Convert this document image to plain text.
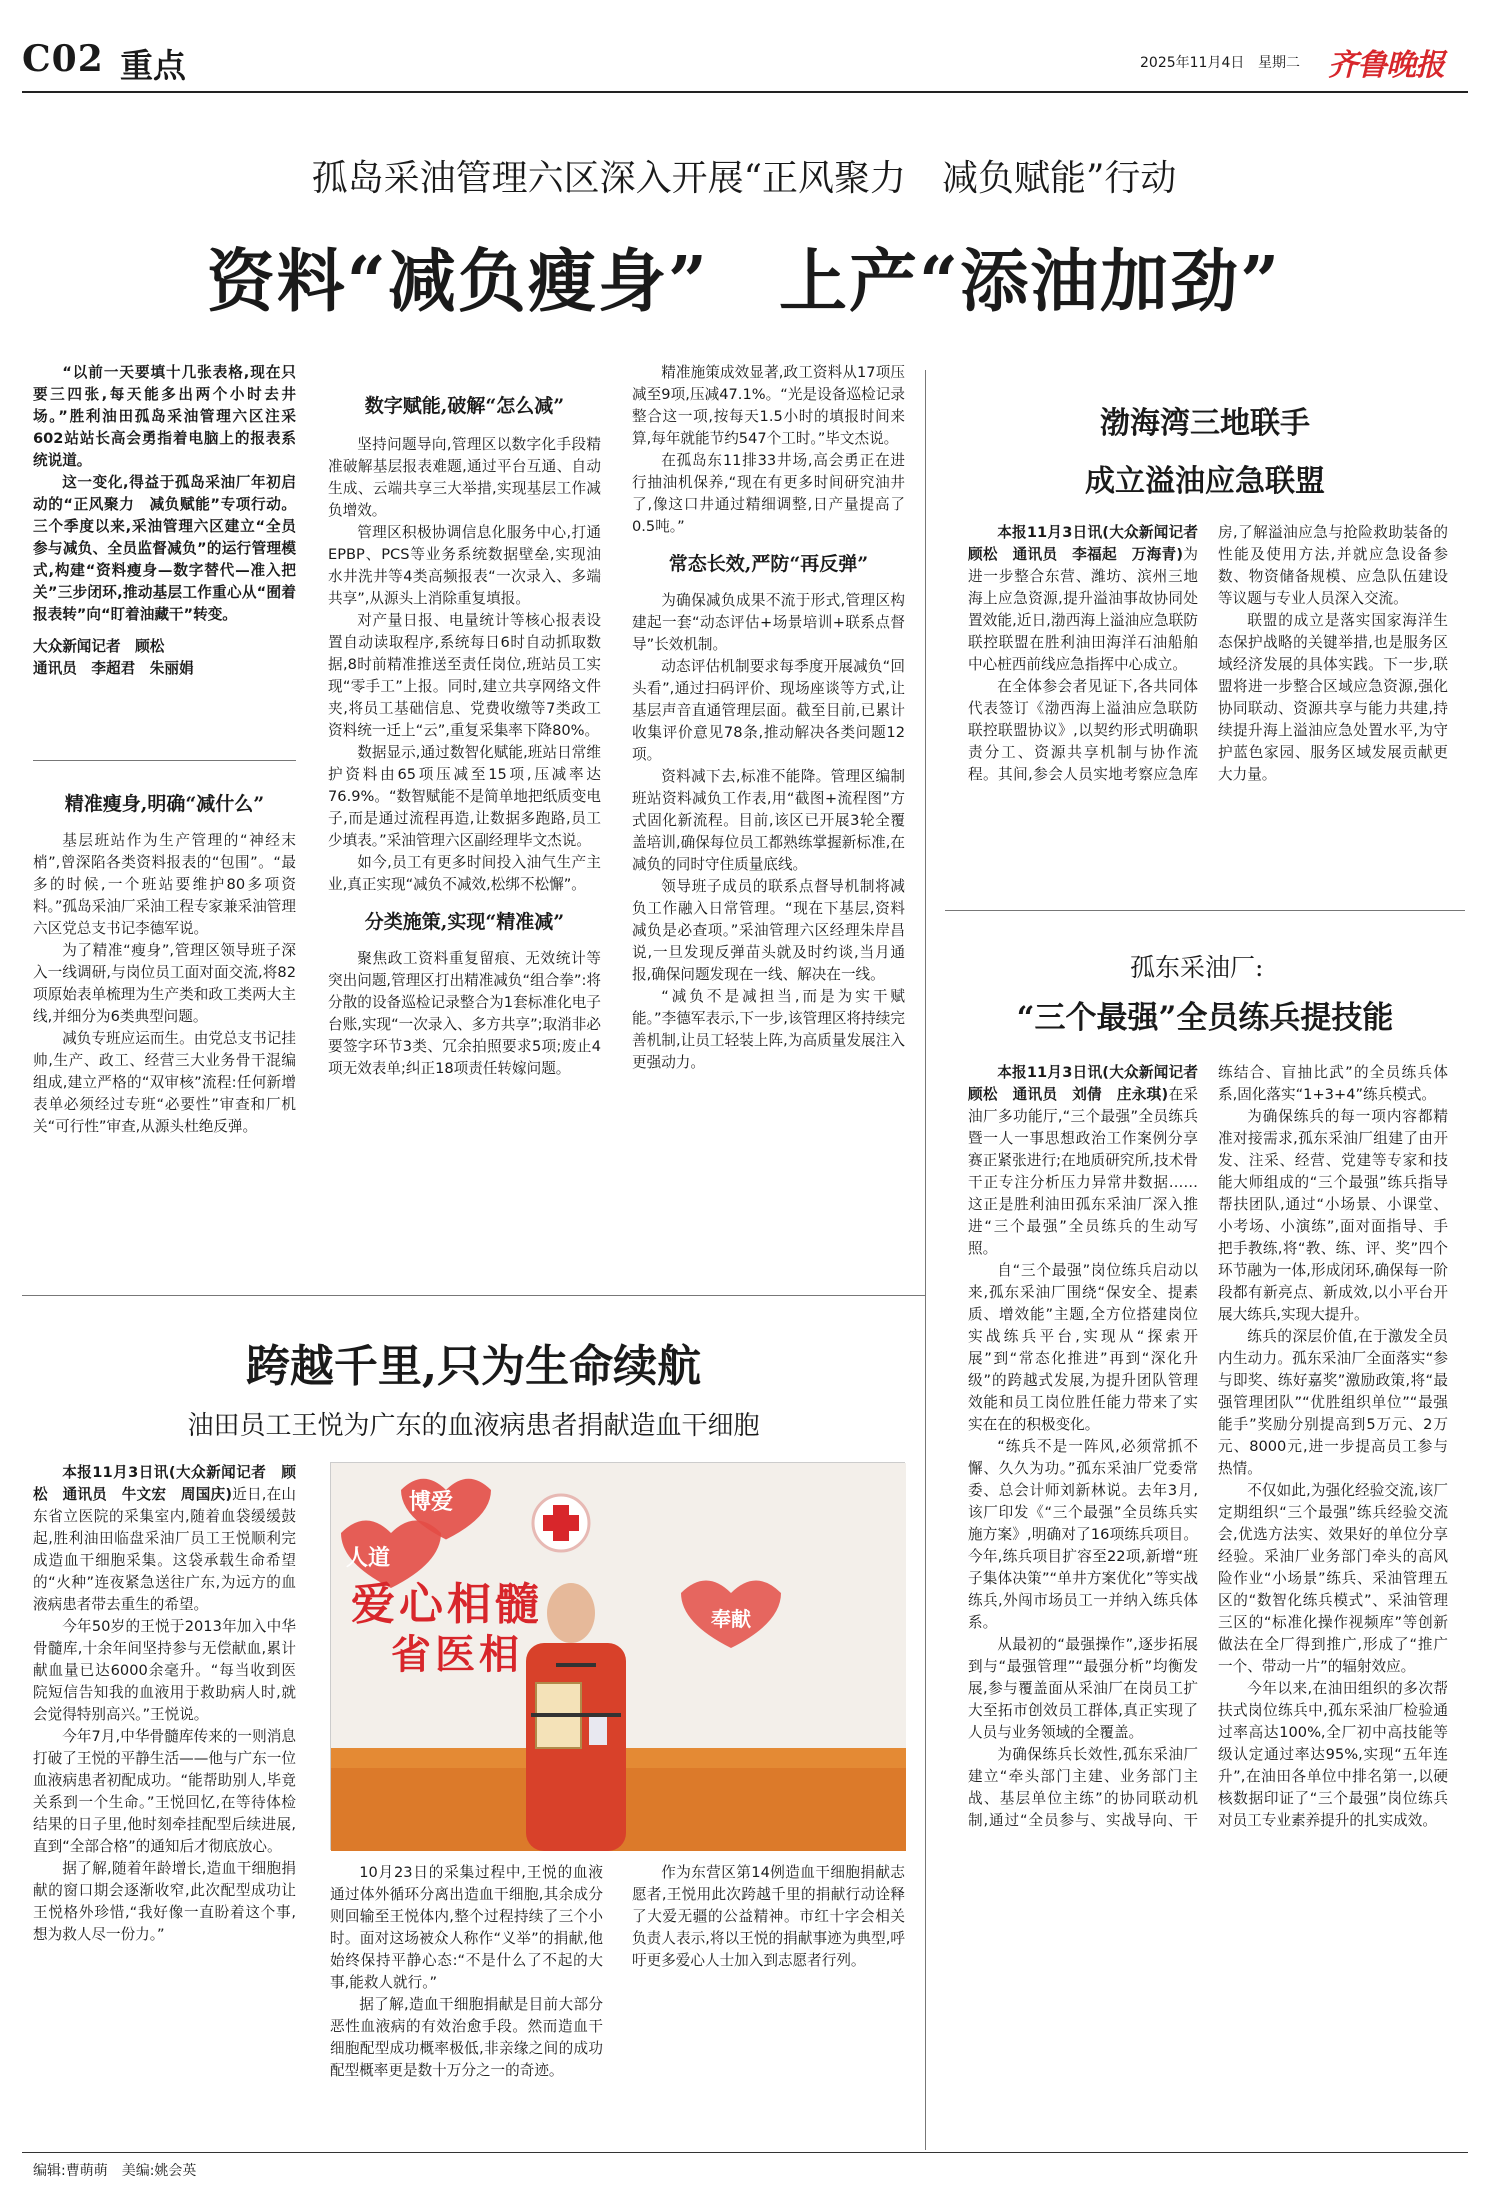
C02 重点	2025年11月4日 星期二 齐鲁晚报
孤岛采油管理六区深入开展“正风聚力　减负赋能”行动
资料“减负瘦身”　上产“添油加劲”

“以前一天要填十几张表格,现在只要三四张,每天能多出两个小时去井场。”胜利油田孤岛采油管理六区注采602站站长高会勇指着电脑上的报表系统说道。

这一变化,得益于孤岛采油厂年初启动的“正风聚力　减负赋能”专项行动。三个季度以来,采油管理六区建立“全员参与减负、全员监督减负”的运行管理模式,构建“资料瘦身—数字替代—准入把关”三步闭环,推动基层工作重心从“囿着报表转”向“盯着油藏干”转变。

大众新闻记者　顾松

通讯员　李超君　朱丽娟

精准瘦身,明确“减什么”

基层班站作为生产管理的“神经末梢”,曾深陷各类资料报表的“包围”。“最多的时候,一个班站要维护80多项资料。”孤岛采油厂采油工程专家兼采油管理六区党总支书记李德军说。

为了精准“瘦身”,管理区领导班子深入一线调研,与岗位员工面对面交流,将82项原始表单梳理为生产类和政工类两大主线,并细分为6类典型问题。

减负专班应运而生。由党总支书记挂帅,生产、政工、经营三大业务骨干混编组成,建立严格的“双审核”流程:任何新增表单必须经过专班“必要性”审查和厂机关“可行性”审查,从源头杜绝反弹。

数字赋能,破解“怎么减”

坚持问题导向,管理区以数字化手段精准破解基层报表难题,通过平台互通、自动生成、云端共享三大举措,实现基层工作减负增效。

管理区积极协调信息化服务中心,打通EPBP、PCS等业务系统数据壁垒,实现油水井洗井等4类高频报表“一次录入、多端共享”,从源头上消除重复填报。

对产量日报、电量统计等核心报表设置自动读取程序,系统每日6时自动抓取数据,8时前精准推送至责任岗位,班站员工实现“零手工”上报。同时,建立共享网络文件夹,将员工基础信息、党费收缴等7类政工资料统一迁上“云”,重复采集率下降80%。

数据显示,通过数智化赋能,班站日常维护资料由65项压减至15项,压减率达76.9%。“数智赋能不是简单地把纸质变电子,而是通过流程再造,让数据多跑路,员工少填表。”采油管理六区副经理毕文杰说。

如今,员工有更多时间投入油气生产主业,真正实现“减负不减效,松绑不松懈”。

分类施策,实现“精准减”

聚焦政工资料重复留痕、无效统计等突出问题,管理区打出精准减负“组合拳”:将分散的设备巡检记录整合为1套标准化电子台账,实现“一次录入、多方共享”;取消非必要签字环节3类、冗余拍照要求5项;废止4项无效表单;纠正18项责任转嫁问题。

精准施策成效显著,政工资料从17项压减至9项,压减47.1%。“光是设备巡检记录整合这一项,按每天1.5小时的填报时间来算,每年就能节约547个工时。”毕文杰说。

在孤岛东11排33井场,高会勇正在进行抽油机保养,“现在有更多时间研究油井了,像这口井通过精细调整,日产量提高了0.5吨。”

常态长效,严防“再反弹”

为确保减负成果不流于形式,管理区构建起一套“动态评估+场景培训+联系点督导”长效机制。

动态评估机制要求每季度开展减负“回头看”,通过扫码评价、现场座谈等方式,让基层声音直通管理层面。截至目前,已累计收集评价意见78条,推动解决各类问题12项。

资料减下去,标准不能降。管理区编制班站资料减负工作表,用“截图+流程图”方式固化新流程。目前,该区已开展3轮全覆盖培训,确保每位员工都熟练掌握新标准,在减负的同时守住质量底线。

领导班子成员的联系点督导机制将减负工作融入日常管理。“现在下基层,资料减负是必查项。”采油管理六区经理朱岸昌说,一旦发现反弹苗头就及时约谈,当月通报,确保问题发现在一线、解决在一线。

“减负不是减担当,而是为实干赋能。”李德军表示,下一步,该管理区将持续完善机制,让员工轻装上阵,为高质量发展注入更强动力。

渤海湾三地联手
成立溢油应急联盟

本报11月3日讯(大众新闻记者　顾松　通讯员　李福起　万海青)为进一步整合东营、潍坊、滨州三地海上应急资源,提升溢油事故协同处置效能,近日,渤西海上溢油应急联防联控联盟在胜利油田海洋石油船舶中心桩西前线应急指挥中心成立。

在全体参会者见证下,各共同体代表签订《渤西海上溢油应急联防联控联盟协议》,以契约形式明确职责分工、资源共享机制与协作流程。其间,参会人员实地考察应急库房,了解溢油应急与抢险救助装备的性能及使用方法,并就应急设备参数、物资储备规模、应急队伍建设等议题与专业人员深入交流。

联盟的成立是落实国家海洋生态保护战略的关键举措,也是服务区域经济发展的具体实践。下一步,联盟将进一步整合区域应急资源,强化协同联动、资源共享与能力共建,持续提升海上溢油应急处置水平,为守护蓝色家园、服务区域发展贡献更大力量。

孤东采油厂:
“三个最强”全员练兵提技能

本报11月3日讯(大众新闻记者　顾松　通讯员　刘倩　庄永琪)在采油厂多功能厅,“三个最强”全员练兵暨一人一事思想政治工作案例分享赛正紧张进行;在地质研究所,技术骨干正专注分析压力异常井数据……这正是胜利油田孤东采油厂深入推进“三个最强”全员练兵的生动写照。

自“三个最强”岗位练兵启动以来,孤东采油厂围绕“保安全、提素质、增效能”主题,全方位搭建岗位实战练兵平台,实现从“探索开展”到“常态化推进”再到“深化升级”的跨越式发展,为提升团队管理效能和员工岗位胜任能力带来了实实在在的积极变化。

“练兵不是一阵风,必须常抓不懈、久久为功。”孤东采油厂党委常委、总会计师刘新林说。去年3月,该厂印发《“三个最强”全员练兵实施方案》,明确对了16项练兵项目。今年,练兵项目扩容至22项,新增“班子集体决策”“单井方案优化”等实战练兵,外闯市场员工一并纳入练兵体系。

从最初的“最强操作”,逐步拓展到与“最强管理”“最强分析”均衡发展,参与覆盖面从采油厂在岗员工扩大至拓市创效员工群体,真正实现了人员与业务领域的全覆盖。

为确保练兵长效性,孤东采油厂建立“牵头部门主建、业务部门主战、基层单位主练”的协同联动机制,通过“全员参与、实战导向、干练结合、盲抽比武”的全员练兵体系,固化落实“1+3+4”练兵模式。

为确保练兵的每一项内容都精准对接需求,孤东采油厂组建了由开发、注采、经营、党建等专家和技能大师组成的“三个最强”练兵指导帮扶团队,通过“小场景、小课堂、小考场、小演练”,面对面指导、手把手教练,将“教、练、评、奖”四个环节融为一体,形成闭环,确保每一阶段都有新亮点、新成效,以小平台开展大练兵,实现大提升。

练兵的深层价值,在于激发全员内生动力。孤东采油厂全面落实“参与即奖、练好嘉奖”激励政策,将“最强管理团队”“优胜组织单位”“最强能手”奖励分别提高到5万元、2万元、8000元,进一步提高员工参与热情。

不仅如此,为强化经验交流,该厂定期组织“三个最强”练兵经验交流会,优选方法实、效果好的单位分享经验。采油厂业务部门牵头的高风险作业“小场景”练兵、采油管理五区的“数智化练兵模式”、采油管理三区的“标准化操作视频库”等创新做法在全厂得到推广,形成了“推广一个、带动一片”的辐射效应。

今年以来,在油田组织的多次帮扶式岗位练兵中,孤东采油厂检验通过率高达100%,全厂初中高技能等级认定通过率达95%,实现“五年连升”,在油田各单位中排名第一,以硬核数据印证了“三个最强”岗位练兵对员工专业素养提升的扎实成效。

跨越千里,只为生命续航
油田员工王悦为广东的血液病患者捐献造血干细胞

本报11月3日讯(大众新闻记者　顾松　通讯员　牛文宏　周国庆)近日,在山东省立医院的采集室内,随着血袋缓缓鼓起,胜利油田临盘采油厂员工王悦顺利完成造血干细胞采集。这袋承载生命希望的“火种”连夜紧急送往广东,为远方的血液病患者带去重生的希望。

今年50岁的王悦于2013年加入中华骨髓库,十余年间坚持参与无偿献血,累计献血量已达6000余毫升。“每当收到医院短信告知我的血液用于救助病人时,就会觉得特别高兴。”王悦说。

今年7月,中华骨髓库传来的一则消息打破了王悦的平静生活——他与广东一位血液病患者初配成功。“能帮助别人,毕竟关系到一个生命。”王悦回忆,在等待体检结果的日子里,他时刻牵挂配型后续进展,直到“全部合格”的通知后才彻底放心。

据了解,随着年龄增长,造血干细胞捐献的窗口期会逐渐收窄,此次配型成功让王悦格外珍惜,“我好像一直盼着这个事,想为救人尽一份力。”

爱心相髓
省医相
博爱
人道
奉献

10月23日的采集过程中,王悦的血液通过体外循环分离出造血干细胞,其余成分则回输至王悦体内,整个过程持续了三个小时。面对这场被众人称作“义举”的捐献,他始终保持平静心态:“不是什么了不起的大事,能救人就行。”

据了解,造血干细胞捐献是目前大部分恶性血液病的有效治愈手段。然而造血干细胞配型成功概率极低,非亲缘之间的成功配型概率更是数十万分之一的奇迹。

作为东营区第14例造血干细胞捐献志愿者,王悦用此次跨越千里的捐献行动诠释了大爱无疆的公益精神。市红十字会相关负责人表示,将以王悦的捐献事迹为典型,呼吁更多爱心人士加入到志愿者行列。

编辑:曹萌萌　美编:姚会英
